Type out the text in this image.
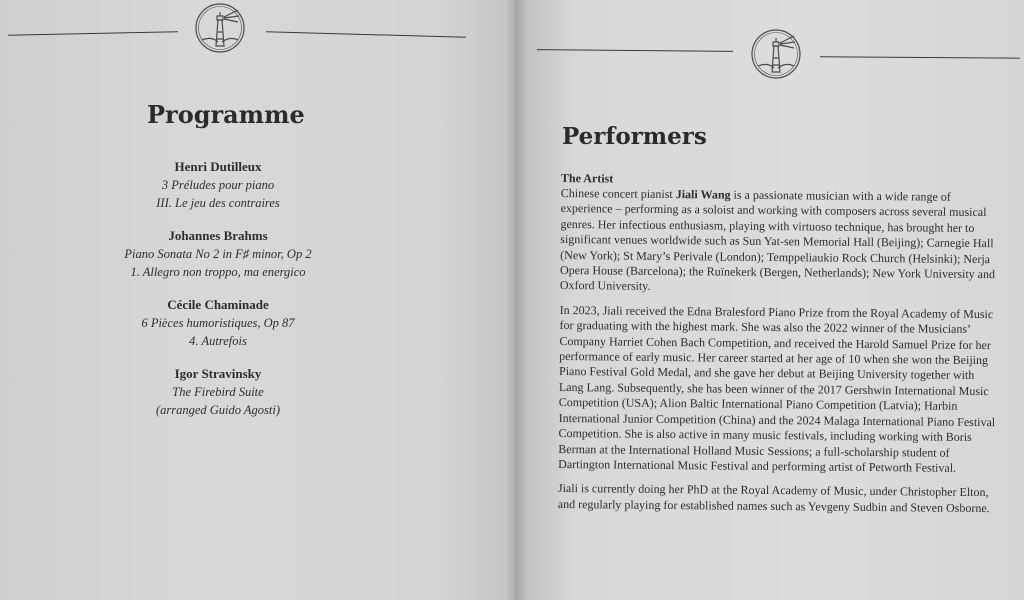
Programme
Henri Dutilleux
3 Préludes pour piano
III. Le jeu des contraires
Johannes Brahms
Piano Sonata No 2 in F♯ minor, Op 2
1. Allegro non troppo, ma energico
Cécile Chaminade
6 Pièces humoristiques, Op 87
4. Autrefois
Igor Stravinsky
The Firebird Suite
(arranged Guido Agosti)
Performers
The Artist

Chinese concert pianist Jiali Wang is a passionate musician with a wide range of experience – performing as a soloist and working with composers across several musical genres. Her infectious enthusiasm, playing with virtuoso technique, has brought her to significant venues worldwide such as Sun Yat-sen Memorial Hall (Beijing); Carnegie Hall (New York); St Mary’s Perivale (London); Temppeliaukio Rock Church (Helsinki); Nerja Opera House (Barcelona); the Ruïnekerk (Bergen, Netherlands); New York University and Oxford University.

In 2023, Jiali received the Edna Bralesford Piano Prize from the Royal Academy of Music for graduating with the highest mark. She was also the 2022 winner of the Musicians’ Company Harriet Cohen Bach Competition, and received the Harold Samuel Prize for her performance of early music. Her career started at her age of 10 when she won the Beijing Piano Festival Gold Medal, and she gave her debut at Beijing University together with Lang Lang. Subsequently, she has been winner of the 2017 Gershwin International Music Competition (USA); Alion Baltic International Piano Competition (Latvia); Harbin International Junior Competition (China) and the 2024 Malaga International Piano Festival Competition. She is also active in many music festivals, including working with Boris Berman at the International Holland Music Sessions; a full-scholarship student of Dartington International Music Festival and performing artist of Petworth Festival.

Jiali is currently doing her PhD at the Royal Academy of Music, under Christopher Elton, and regularly playing for established names such as Yevgeny Sudbin and Steven Osborne.
